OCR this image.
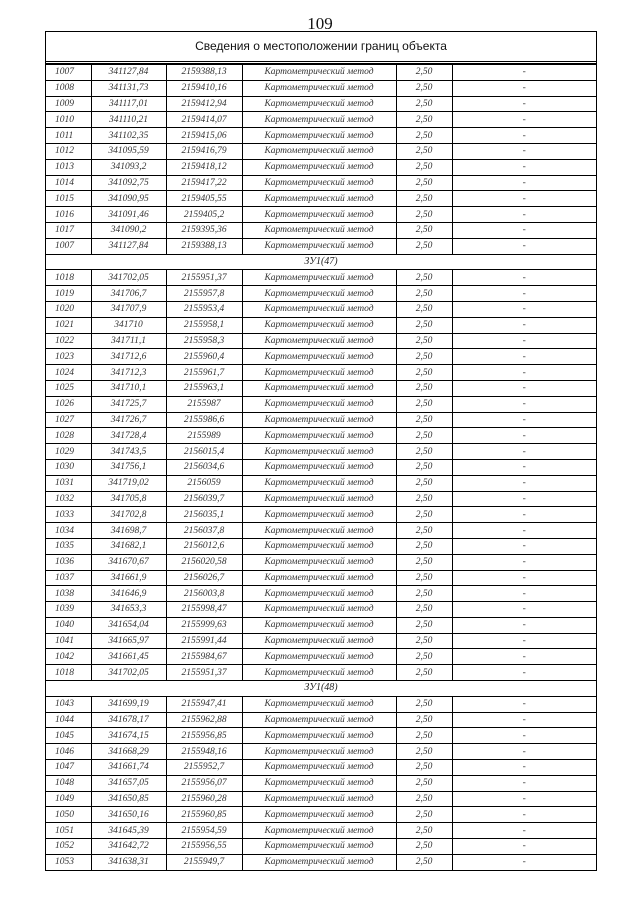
109
Сведения о местоположении границ объекта
1007	341127,84	2159388,13	Картометрический метод	2,50	-
1008	341131,73	2159410,16	Картометрический метод	2,50	-
1009	341117,01	2159412,94	Картометрический метод	2,50	-
1010	341110,21	2159414,07	Картометрический метод	2,50	-
1011	341102,35	2159415,06	Картометрический метод	2,50	-
1012	341095,59	2159416,79	Картометрический метод	2,50	-
1013	341093,2	2159418,12	Картометрический метод	2,50	-
1014	341092,75	2159417,22	Картометрический метод	2,50	-
1015	341090,95	2159405,55	Картометрический метод	2,50	-
1016	341091,46	2159405,2	Картометрический метод	2,50	-
1017	341090,2	2159395,36	Картометрический метод	2,50	-
1007	341127,84	2159388,13	Картометрический метод	2,50	-
ЗУ1(47)					
1018	341702,05	2155951,37	Картометрический метод	2,50	-
1019	341706,7	2155957,8	Картометрический метод	2,50	-
1020	341707,9	2155953,4	Картометрический метод	2,50	-
1021	341710	2155958,1	Картометрический метод	2,50	-
1022	341711,1	2155958,3	Картометрический метод	2,50	-
1023	341712,6	2155960,4	Картометрический метод	2,50	-
1024	341712,3	2155961,7	Картометрический метод	2,50	-
1025	341710,1	2155963,1	Картометрический метод	2,50	-
1026	341725,7	2155987	Картометрический метод	2,50	-
1027	341726,7	2155986,6	Картометрический метод	2,50	-
1028	341728,4	2155989	Картометрический метод	2,50	-
1029	341743,5	2156015,4	Картометрический метод	2,50	-
1030	341756,1	2156034,6	Картометрический метод	2,50	-
1031	341719,02	2156059	Картометрический метод	2,50	-
1032	341705,8	2156039,7	Картометрический метод	2,50	-
1033	341702,8	2156035,1	Картометрический метод	2,50	-
1034	341698,7	2156037,8	Картометрический метод	2,50	-
1035	341682,1	2156012,6	Картометрический метод	2,50	-
1036	341670,67	2156020,58	Картометрический метод	2,50	-
1037	341661,9	2156026,7	Картометрический метод	2,50	-
1038	341646,9	2156003,8	Картометрический метод	2,50	-
1039	341653,3	2155998,47	Картометрический метод	2,50	-
1040	341654,04	2155999,63	Картометрический метод	2,50	-
1041	341665,97	2155991,44	Картометрический метод	2,50	-
1042	341661,45	2155984,67	Картометрический метод	2,50	-
1018	341702,05	2155951,37	Картометрический метод	2,50	-
ЗУ1(48)					
1043	341699,19	2155947,41	Картометрический метод	2,50	-
1044	341678,17	2155962,88	Картометрический метод	2,50	-
1045	341674,15	2155956,85	Картометрический метод	2,50	-
1046	341668,29	2155948,16	Картометрический метод	2,50	-
1047	341661,74	2155952,7	Картометрический метод	2,50	-
1048	341657,05	2155956,07	Картометрический метод	2,50	-
1049	341650,85	2155960,28	Картометрический метод	2,50	-
1050	341650,16	2155960,85	Картометрический метод	2,50	-
1051	341645,39	2155954,59	Картометрический метод	2,50	-
1052	341642,72	2155956,55	Картометрический метод	2,50	-
1053	341638,31	2155949,7	Картометрический метод	2,50	-
